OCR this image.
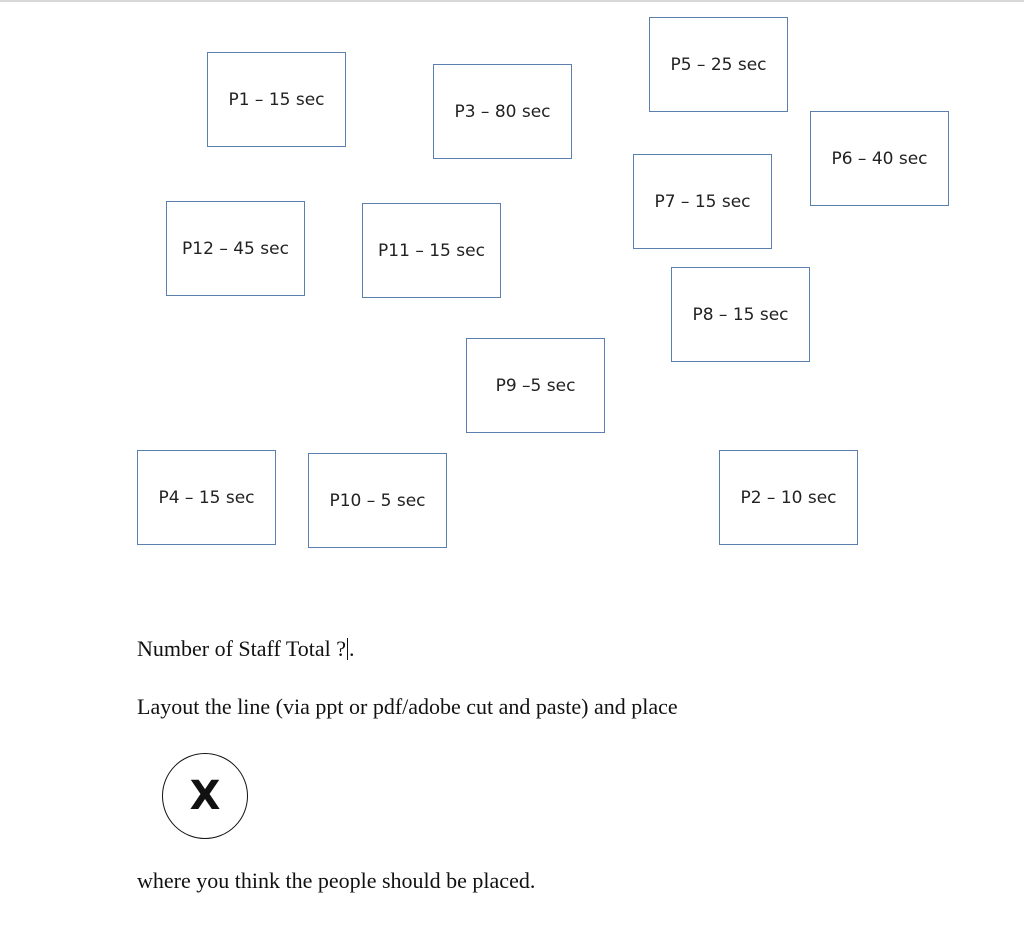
P1 – 15 sec
P3 – 80 sec
P5 – 25 sec
P6 – 40 sec
P7 – 15 sec
P12 – 45 sec	P11 – 15 sec
P8 – 15 sec
P9 –5 sec
P4 – 15 sec	P10 – 5 sec	P2 – 10 sec
Number of Staff Total ? .
Layout the line (via ppt or pdf/adobe cut and paste) and place
X
where you think the people should be placed.
